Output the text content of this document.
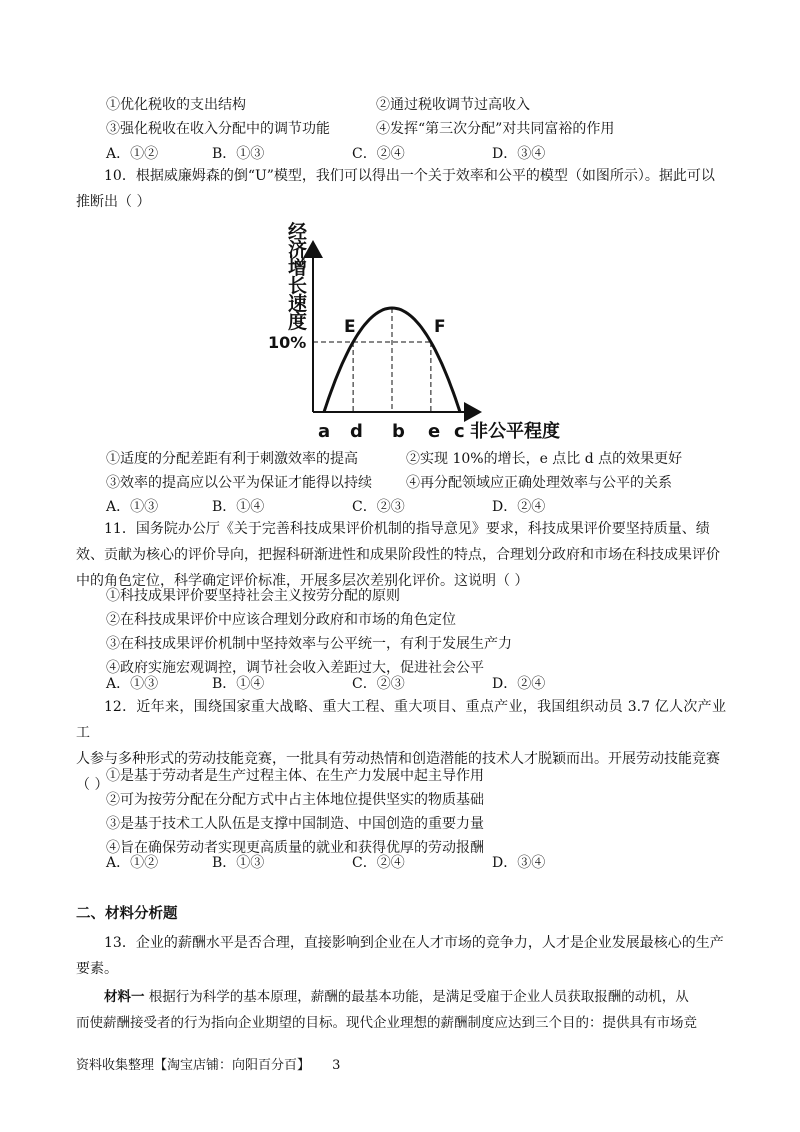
①优化税收的支出结构	②通过税收调节过高收入
③强化税收在收入分配中的调节功能	④发挥“第三次分配”对共同富裕的作用
A．①②	B．①③	C．②④	D．③④
10．根据威廉姆森的倒“U”模型，我们可以得出一个关于效率和公平的模型（如图所示）。据此可以
推断出（ ）
经济增长速度
10%
E	F
a d b e c 非公平程度
①适度的分配差距有利于刺激效率的提高	②实现 10%的增长，e 点比 d 点的效果更好
③效率的提高应以公平为保证才能得以持续 ④再分配领域应正确处理效率与公平的关系
A．①③	B．①④	C．②③	D．②④
11．国务院办公厅《关于完善科技成果评价机制的指导意见》要求，科技成果评价要坚持质量、绩
效、贡献为核心的评价导向，把握科研渐进性和成果阶段性的特点，合理划分政府和市场在科技成果评价
中的角色定位，科学确定评价标准，开展多层次差别化评价。这说明（ ）
①科技成果评价要坚持社会主义按劳分配的原则
②在科技成果评价中应该合理划分政府和市场的角色定位
③在科技成果评价机制中坚持效率与公平统一，有利于发展生产力
④政府实施宏观调控，调节社会收入差距过大，促进社会公平
A．①③	B．①④	C．②③	D．②④
12．近年来，围绕国家重大战略、重大工程、重大项目、重点产业，我国组织动员 3.7 亿人次产业工
人参与多种形式的劳动技能竞赛，一批具有劳动热情和创造潜能的技术人才脱颖而出。开展劳动技能竞赛
（ ）
①是基于劳动者是生产过程主体、在生产力发展中起主导作用
②可为按劳分配在分配方式中占主体地位提供坚实的物质基础
③是基于技术工人队伍是支撑中国制造、中国创造的重要力量
④旨在确保劳动者实现更高质量的就业和获得优厚的劳动报酬
A．①②	B．①③	C．②④	D．③④
二、材料分析题
13．企业的薪酬水平是否合理，直接影响到企业在人才市场的竞争力，人才是企业发展最核心的生产
要素。
材料一 根据行为科学的基本原理，薪酬的最基本功能，是满足受雇于企业人员获取报酬的动机，从
而使薪酬接受者的行为指向企业期望的目标。现代企业理想的薪酬制度应达到三个目的：提供具有市场竞
资料收集整理【淘宝店铺：向阳百分百】 3
